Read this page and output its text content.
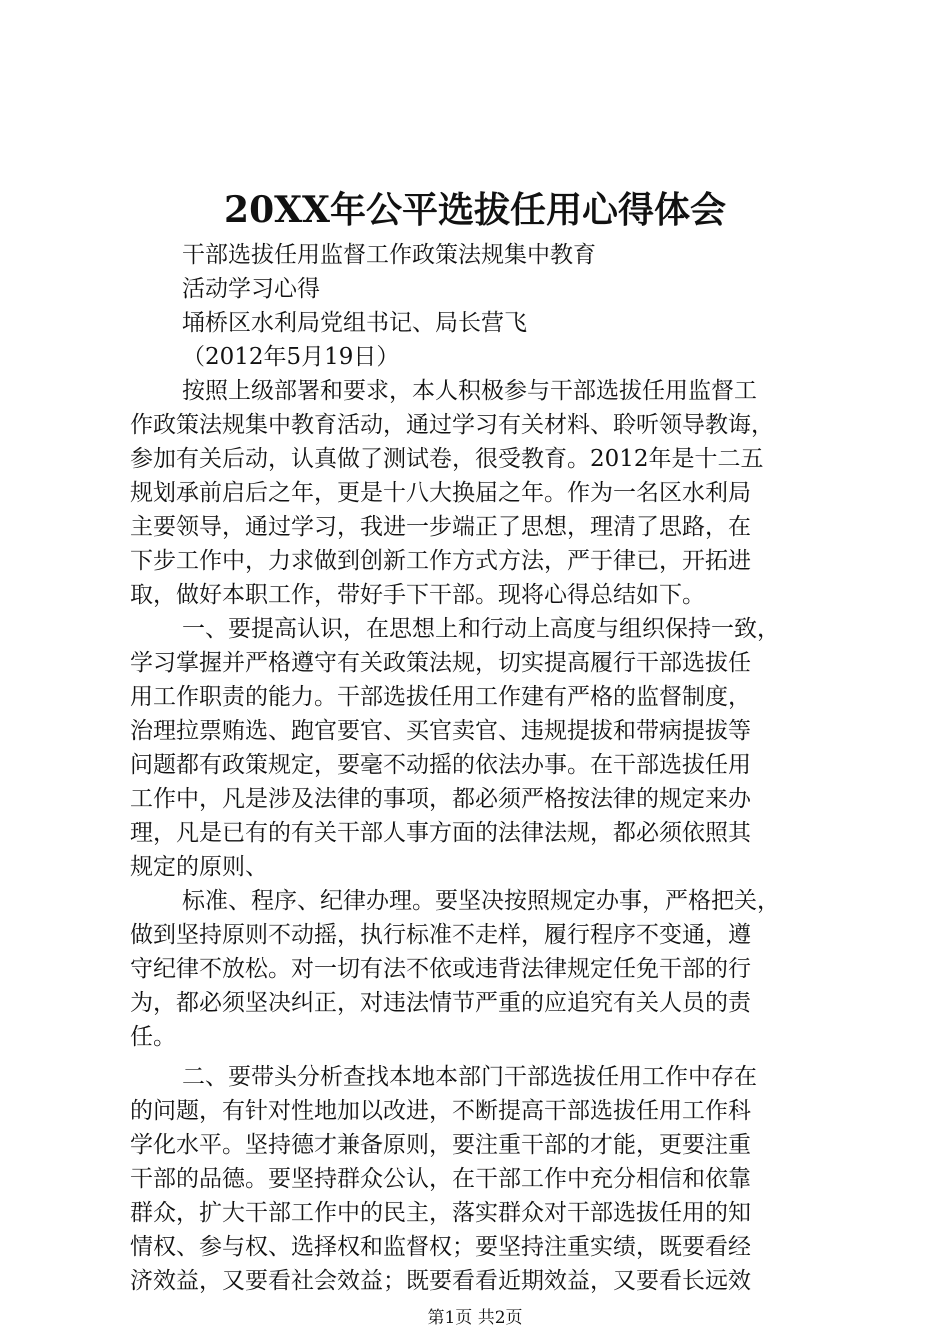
20XX年公平选拔任用心得体会
干部选拔任用监督工作政策法规集中教育
活动学习心得
埇桥区水利局党组书记、局长营飞
（2012年5月19日）
按照上级部署和要求，本人积极参与干部选拔任用监督工
作政策法规集中教育活动，通过学习有关材料、聆听领导教诲，
参加有关后动，认真做了测试卷，很受教育。2012年是十二五
规划承前启后之年，更是十八大换届之年。作为一名区水利局
主要领导，通过学习，我进一步端正了思想，理清了思路，在
下步工作中，力求做到创新工作方式方法，严于律已，开拓进
取，做好本职工作，带好手下干部。现将心得总结如下。
一、要提高认识，在思想上和行动上高度与组织保持一致，
学习掌握并严格遵守有关政策法规，切实提高履行干部选拔任
用工作职责的能力。干部选拔任用工作建有严格的监督制度，
治理拉票贿选、跑官要官、买官卖官、违规提拔和带病提拔等
问题都有政策规定，要毫不动摇的依法办事。在干部选拔任用
工作中，凡是涉及法律的事项，都必须严格按法律的规定来办
理，凡是已有的有关干部人事方面的法律法规，都必须依照其
规定的原则、
标准、程序、纪律办理。要坚决按照规定办事，严格把关，
做到坚持原则不动摇，执行标准不走样，履行程序不变通，遵
守纪律不放松。对一切有法不依或违背法律规定任免干部的行
为，都必须坚决纠正，对违法情节严重的应追究有关人员的责
任。
二、要带头分析查找本地本部门干部选拔任用工作中存在
的问题，有针对性地加以改进，不断提高干部选拔任用工作科
学化水平。坚持德才兼备原则，要注重干部的才能，更要注重
干部的品德。要坚持群众公认，在干部工作中充分相信和依靠
群众，扩大干部工作中的民主，落实群众对干部选拔任用的知
情权、参与权、选择权和监督权；要坚持注重实绩，既要看经
济效益，又要看社会效益；既要看看近期效益，又要看长远效
第1页 共2页
